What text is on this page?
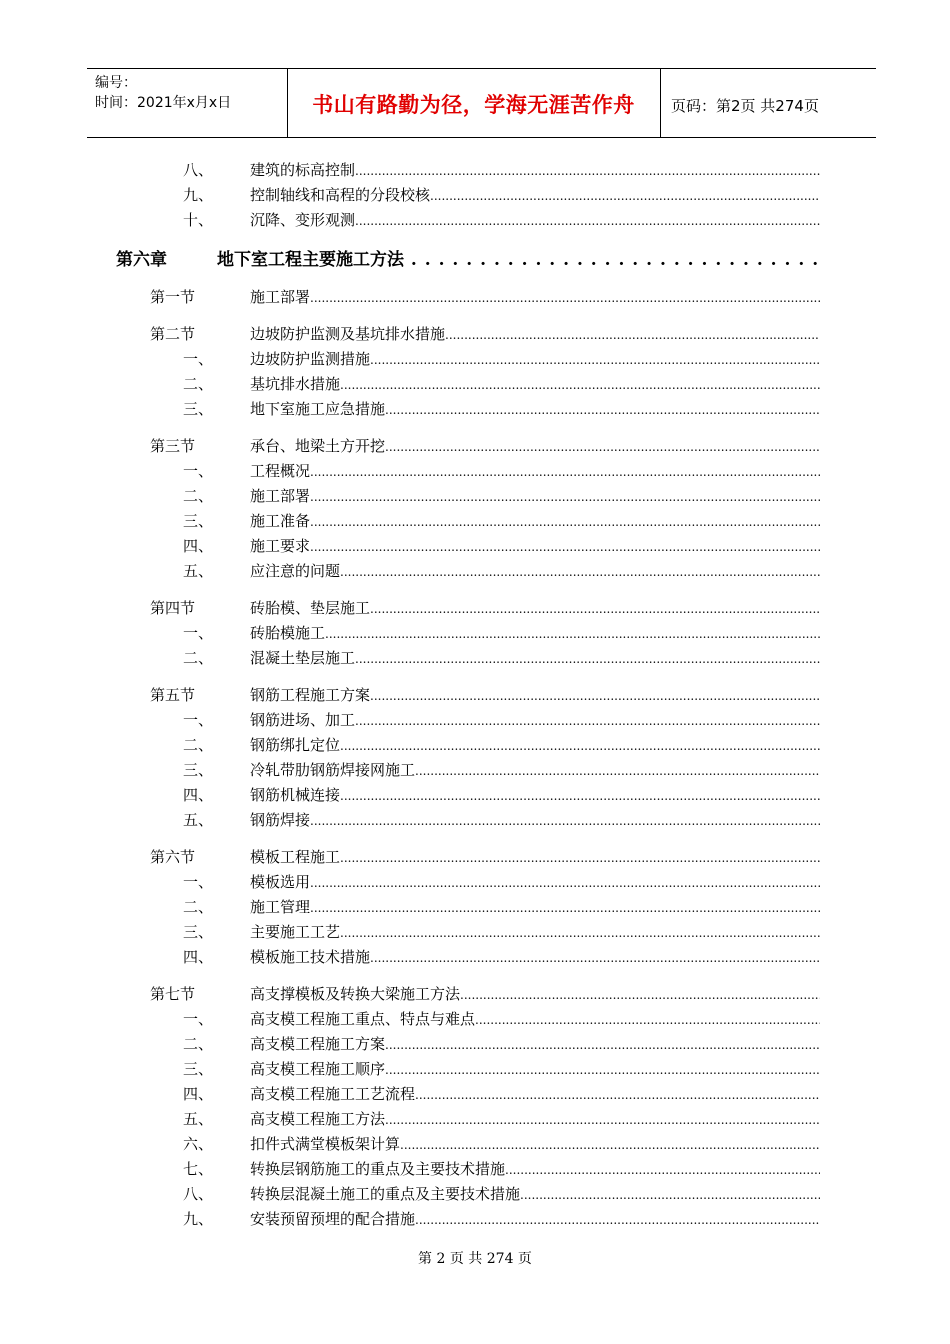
编号：
时间：2021年x月x日	书山有路勤为径，学海无涯苦作舟	页码：第2页 共274页
八、 建筑的标高控制 .....
九、 控制轴线和高程的分段校核 .....
十、 沉降、变形观测 .....
第六章	地下室工程主要施工方法 . . .
第一节	施工部署 .....
第二节	边坡防护监测及基坑排水措施 .....
一、 边坡防护监测措施 .....
二、 基坑排水措施 .....
三、 地下室施工应急措施 .....
第三节	承台、地梁土方开挖 .....
一、 工程概况 .....
二、 施工部署 .....
三、 施工准备 .....
四、 施工要求 .....
五、 应注意的问题 .....
第四节	砖胎模、垫层施工 .....
一、 砖胎模施工 .....
二、 混凝土垫层施工 .....
第五节	钢筋工程施工方案 .....
一、 钢筋进场、加工 .....
二、 钢筋绑扎定位 .....
三、 冷轧带肋钢筋焊接网施工 .....
四、 钢筋机械连接 .....
五、 钢筋焊接 .....
第六节	模板工程施工 .....
一、 模板选用 .....
二、 施工管理 .....
三、 主要施工工艺 .....
四、 模板施工技术措施 .....
第七节	高支撑模板及转换大梁施工方法 .....
一、 高支模工程施工重点、特点与难点 .....
二、 高支模工程施工方案 .....
三、 高支模工程施工顺序 .....
四、 高支模工程施工工艺流程 .....
五、 高支模工程施工方法 .....
六、 扣件式满堂模板架计算 .....
七、 转换层钢筋施工的重点及主要技术措施 .....
八、 转换层混凝土施工的重点及主要技术措施 .....
九、 安装预留预埋的配合措施 .....
第 2 页 共 274 页
